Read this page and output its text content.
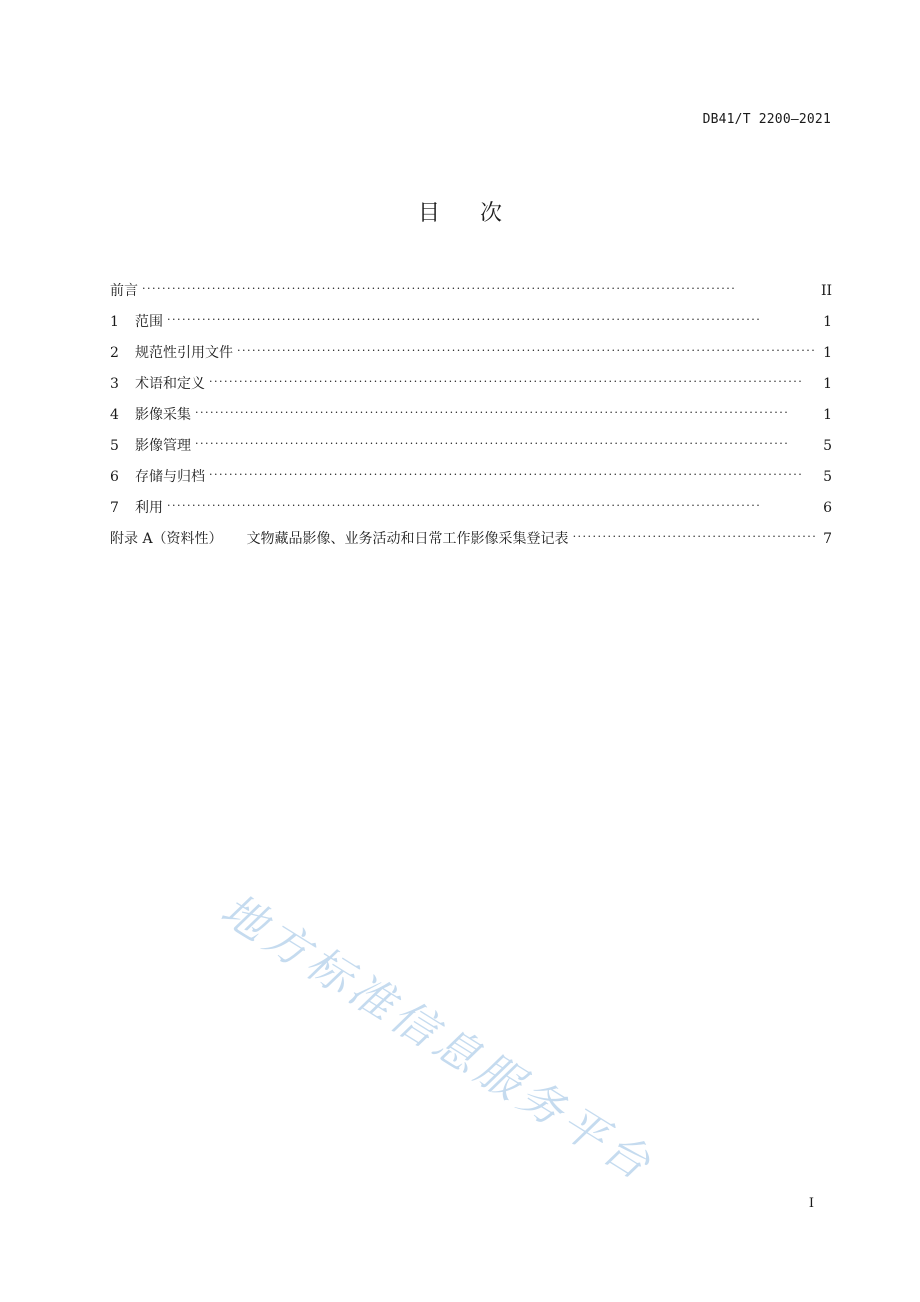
DB41/T 2200—2021
目次
前言 . . .	II
1	范围 . . .	1
2	规范性引用文件 . . .	1
3	术语和定义 . . .	1
4	影像采集 . . .	1
5	影像管理 . . .	5
6	存储与归档 . . .	5
7	利用 . . .	6
附录 A（资料性） 文物藏品影像、业务活动和日常工作影像采集登记表 . . .	7
地方标准信息服务平台
I
